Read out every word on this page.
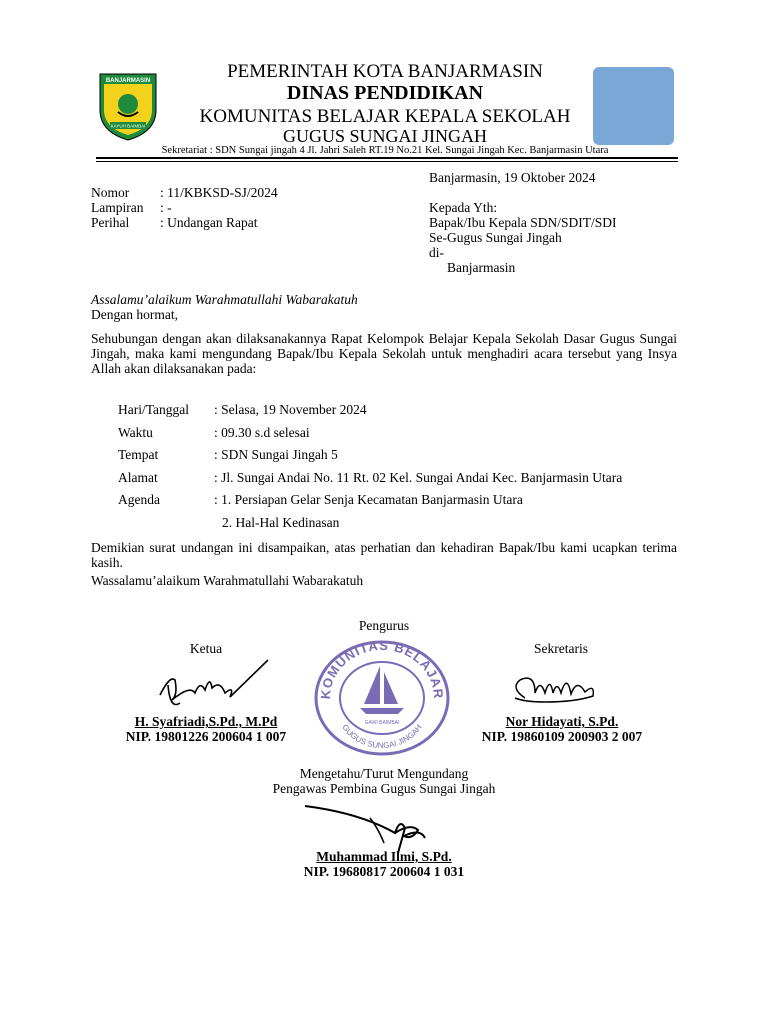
BANJARMASIN
KAYUH BAIMBAI
PEMERINTAH KOTA BANJARMASIN
DINAS PENDIDIKAN
KOMUNITAS BELAJAR KEPALA SEKOLAH
GUGUS SUNGAI JINGAH
Sekretariat : SDN Sungai jingah 4 Jl. Jahri Saleh RT.19 No.21 Kel. Sungai Jingah Kec. Banjarmasin Utara
Banjarmasin, 19 Oktober 2024
Nomor : 11/KBKSD-SJ/2024
Lampiran : -
Perihal : Undangan Rapat
Kepada Yth:
Bapak/Ibu Kepala SDN/SDIT/SDI
Se-Gugus Sungai Jingah
di-
Banjarmasin
Assalamu’alaikum Warahmatullahi Wabarakatuh
Dengan hormat,
Sehubungan dengan akan dilaksanakannya Rapat Kelompok Belajar Kepala Sekolah Dasar Gugus Sungai Jingah, maka kami mengundang Bapak/Ibu Kepala Sekolah untuk menghadiri acara tersebut yang Insya Allah akan dilaksanakan pada:
Hari/Tanggal : Selasa, 19 November 2024
Waktu	: 09.30 s.d selesai
Tempat	: SDN Sungai Jingah 5
Alamat	: Jl. Sungai Andai No. 11 Rt. 02 Kel. Sungai Andai Kec. Banjarmasin Utara
Agenda	: 1. Persiapan Gelar Senja Kecamatan Banjarmasin Utara
2. Hal-Hal Kedinasan
Demikian surat undangan ini disampaikan, atas perhatian dan kehadiran Bapak/Ibu kami ucapkan terima kasih.
Wassalamu’alaikum Warahmatullahi Wabarakatuh
Pengurus
Ketua	Sekretaris
KOMUNITAS BELAJAR
GUGUS SUNGAI JINGAH
GAWI BAIMBAI
H. Syafriadi,S.Pd., M.Pd
NIP. 19801226 200604 1 007
Nor Hidayati, S.Pd.
NIP. 19860109 200903 2 007
Mengetahu/Turut Mengundang
Pengawas Pembina Gugus Sungai Jingah
Muhammad Ilmi, S.Pd.
NIP. 19680817 200604 1 031
